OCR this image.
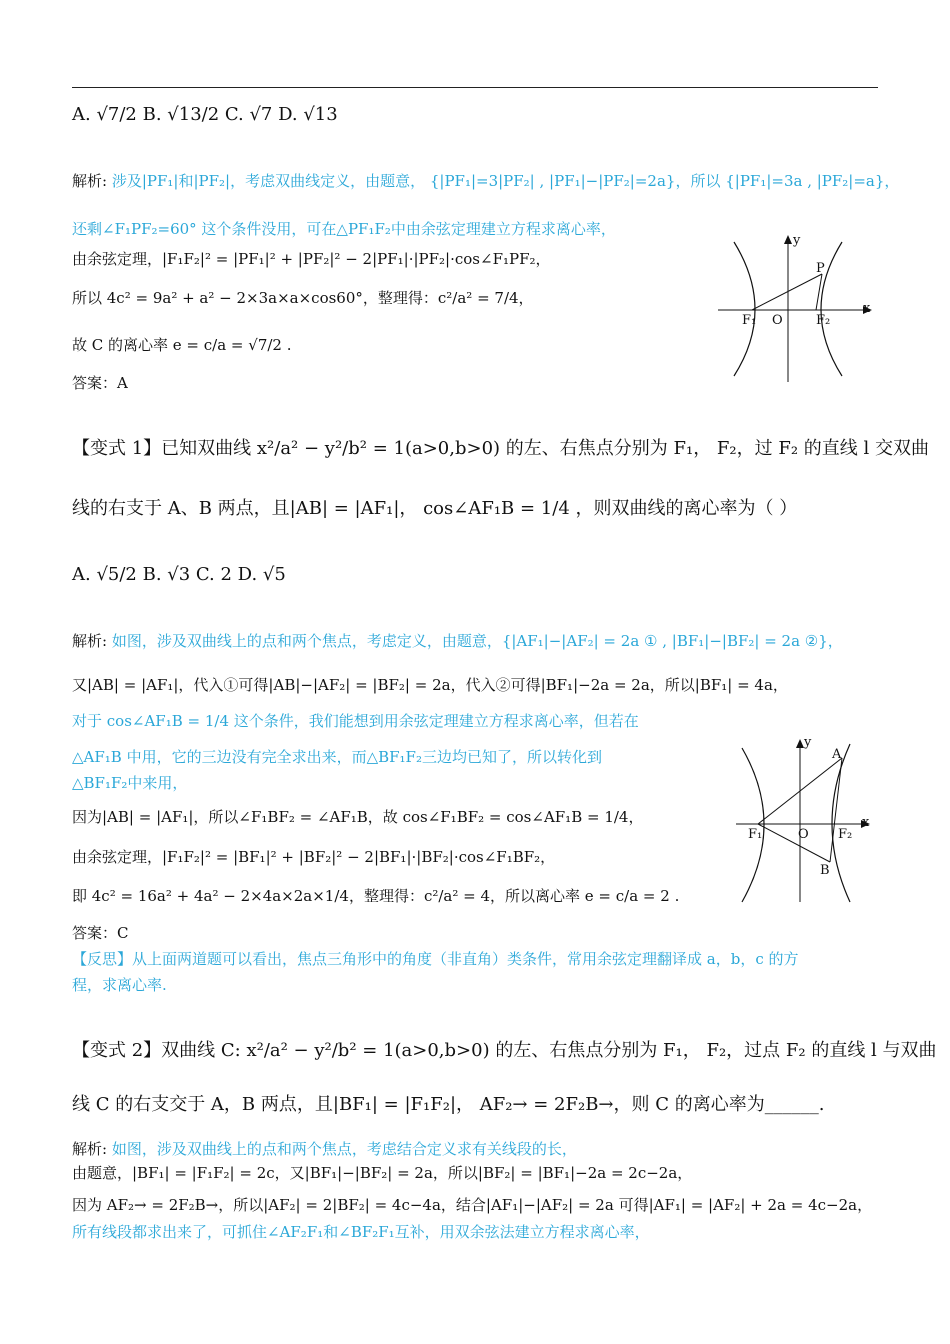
A. √7/2 B. √13/2 C. √7 D. √13
解析: 涉及|PF₁|和|PF₂|，考虑双曲线定义，由题意， {|PF₁|=3|PF₂| , |PF₁|−|PF₂|=2a}，所以 {|PF₁|=3a , |PF₂|=a}，
还剩∠F₁PF₂=60° 这个条件没用，可在△PF₁F₂中由余弦定理建立方程求离心率，
由余弦定理，|F₁F₂|² = |PF₁|² + |PF₂|² − 2|PF₁|·|PF₂|·cos∠F₁PF₂，
所以 4c² = 9a² + a² − 2×3a×a×cos60°，整理得：c²/a² = 7/4，
故 C 的离心率 e = c/a = √7/2 .
答案：A
【变式 1】已知双曲线 x²/a² − y²/b² = 1(a>0,b>0) 的左、右焦点分别为 F₁， F₂，过 F₂ 的直线 l 交双曲
线的右支于 A、B 两点，且|AB| = |AF₁|， cos∠AF₁B = 1/4 ，则双曲线的离心率为（ ）
A. √5/2 B. √3 C. 2 D. √5
解析: 如图，涉及双曲线上的点和两个焦点，考虑定义，由题意，{|AF₁|−|AF₂| = 2a ① , |BF₁|−|BF₂| = 2a ②}，
又|AB| = |AF₁|，代入①可得|AB|−|AF₂| = |BF₂| = 2a，代入②可得|BF₁|−2a = 2a，所以|BF₁| = 4a，
对于 cos∠AF₁B = 1/4 这个条件，我们能想到用余弦定理建立方程求离心率，但若在
△AF₁B 中用，它的三边没有完全求出来，而△BF₁F₂三边均已知了，所以转化到
△BF₁F₂中来用，
因为|AB| = |AF₁|，所以∠F₁BF₂ = ∠AF₁B，故 cos∠F₁BF₂ = cos∠AF₁B = 1/4，
由余弦定理，|F₁F₂|² = |BF₁|² + |BF₂|² − 2|BF₁|·|BF₂|·cos∠F₁BF₂，
即 4c² = 16a² + 4a² − 2×4a×2a×1/4，整理得：c²/a² = 4，所以离心率 e = c/a = 2 .
答案：C
【反思】从上面两道题可以看出，焦点三角形中的角度（非直角）类条件，常用余弦定理翻译成 a，b，c 的方
程，求离心率.
【变式 2】双曲线 C: x²/a² − y²/b² = 1(a>0,b>0) 的左、右焦点分别为 F₁， F₂，过点 F₂ 的直线 l 与双曲
线 C 的右支交于 A，B 两点，且|BF₁| = |F₁F₂|， AF₂→ = 2F₂B→，则 C 的离心率为______.
解析: 如图，涉及双曲线上的点和两个焦点，考虑结合定义求有关线段的长，
由题意，|BF₁| = |F₁F₂| = 2c，又|BF₁|−|BF₂| = 2a，所以|BF₂| = |BF₁|−2a = 2c−2a，
因为 AF₂→ = 2F₂B→，所以|AF₂| = 2|BF₂| = 4c−4a，结合|AF₁|−|AF₂| = 2a 可得|AF₁| = |AF₂| + 2a = 4c−2a，
所有线段都求出来了，可抓住∠AF₂F₁和∠BF₂F₁互补，用双余弦法建立方程求离心率，
y
x
P
F₁ O	F₂
y
x
A
B
F₁	O F₂
